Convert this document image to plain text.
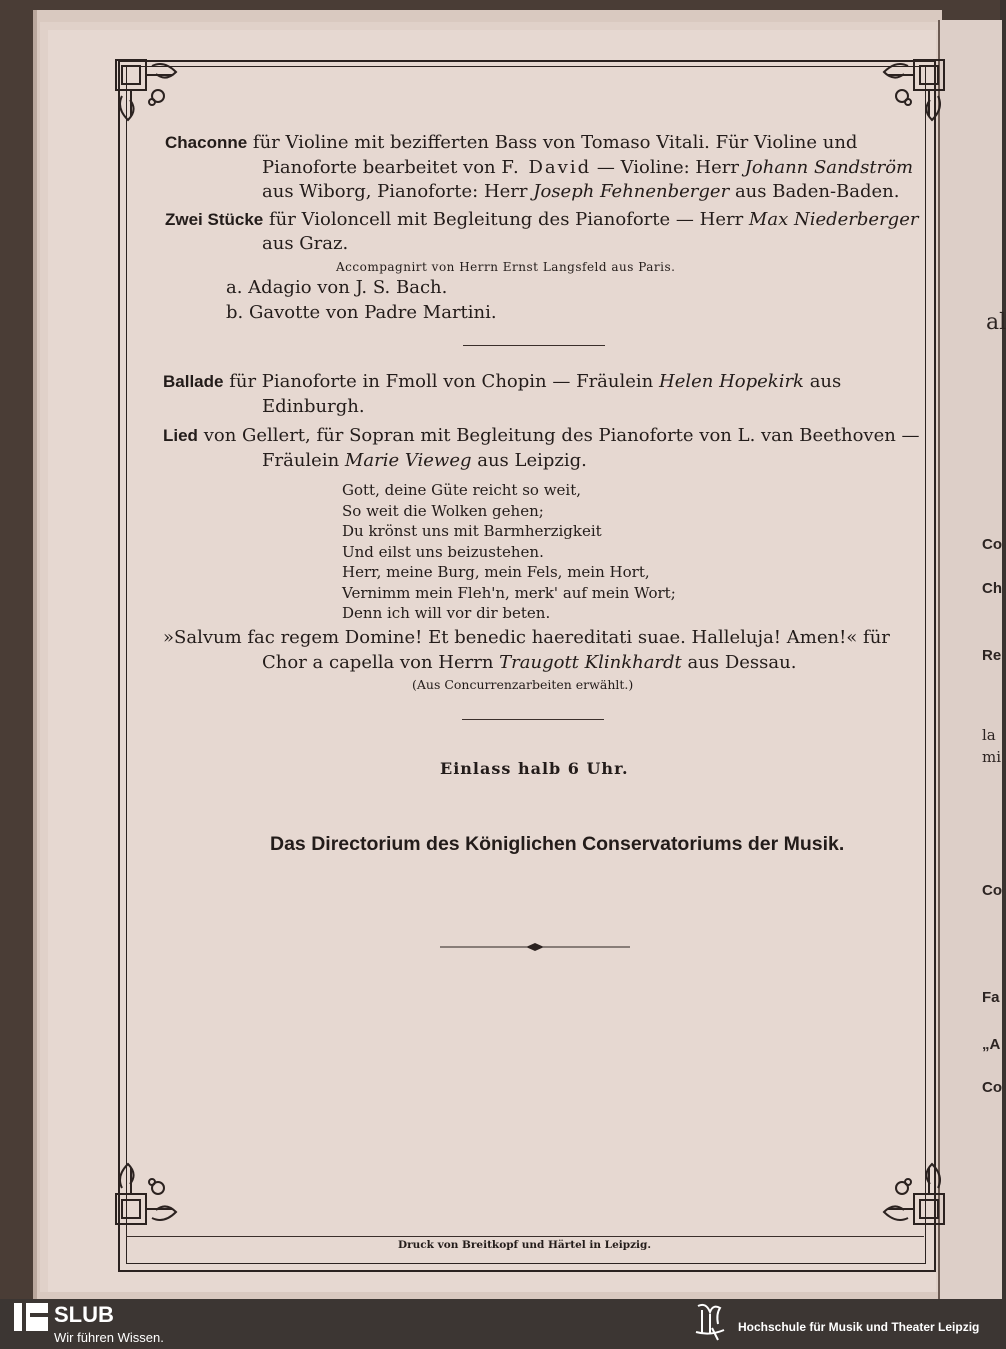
al
Co
Ch
Re
la
mi
Co
Fa
„A
Co
Chaconne für Violine mit bezifferten Bass von Tomaso Vitali. Für Violine und
Pianoforte bearbeitet von F. David — Violine: Herr Johann Sandström
aus Wiborg, Pianoforte: Herr Joseph Fehnenberger aus Baden-Baden.
Zwei Stücke für Violoncell mit Begleitung des Pianoforte — Herr Max Niederberger
aus Graz.
Accompagnirt von Herrn Ernst Langsfeld aus Paris.
a. Adagio von J. S. Bach.
b. Gavotte von Padre Martini.
Ballade für Pianoforte in Fmoll von Chopin — Fräulein Helen Hopekirk aus
Edinburgh.
Lied von Gellert, für Sopran mit Begleitung des Pianoforte von L. van Beethoven —
Fräulein Marie Vieweg aus Leipzig.
Gott, deine Güte reicht so weit,
So weit die Wolken gehen;
Du krönst uns mit Barmherzigkeit
Und eilst uns beizustehen.
Herr, meine Burg, mein Fels, mein Hort,
Vernimm mein Fleh'n, merk' auf mein Wort;
Denn ich will vor dir beten.
»Salvum fac regem Domine! Et benedic haereditati suae. Halleluja! Amen!« für
Chor a capella von Herrn Traugott Klinkhardt aus Dessau.
(Aus Concurrenzarbeiten erwählt.)
Einlass halb 6 Uhr.
Das Directorium des Königlichen Conservatoriums der Musik.
Druck von Breitkopf und Härtel in Leipzig.
SLUB
Wir führen Wissen.
Hochschule für Musik und Theater Leipzig
